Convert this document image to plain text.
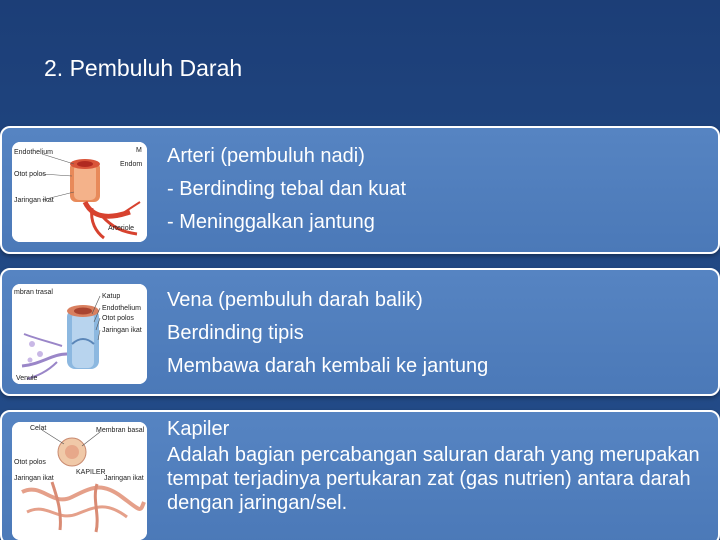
2. Pembuluh Darah
Endothelium	M
Otot polos
Endom
Jaringan ikat
Arteriole
Arteri (pembuluh nadi)
- Berdinding tebal dan kuat
- Meninggalkan jantung
mbran trasal
Katup
Endothelium
Otot polos
Jaringan ikat
Venule
Vena (pembuluh darah balik)
Berdinding tipis
Membawa darah kembali ke jantung
Celat	Membran basal
Otot polos
Jaringan ikat
KAPILER
Jaringan ikat
Kapiler
Adalah bagian percabangan saluran darah yang merupakan tempat terjadinya pertukaran zat (gas nutrien) antara darah dengan jaringan/sel.
